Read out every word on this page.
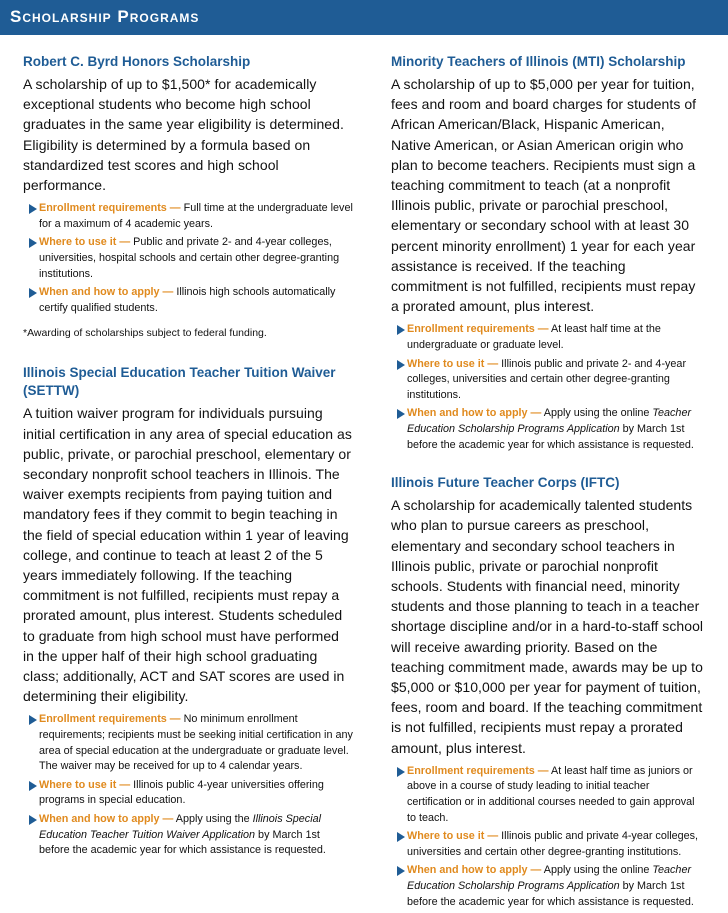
Scholarship Programs
Robert C. Byrd Honors Scholarship

A scholarship of up to $1,500* for academically exceptional students who become high school graduates in the same year eligibility is determined. Eligibility is determined by a formula based on standardized test scores and high school performance.

Enrollment requirements — Full time at the undergraduate level for a maximum of 4 academic years.
Where to use it — Public and private 2- and 4-year colleges, universities, hospital schools and certain other degree-granting institutions.
When and how to apply — Illinois high schools automatically certify qualified students.

*Awarding of scholarships subject to federal funding.

Illinois Special Education Teacher Tuition Waiver (SETTW)

A tuition waiver program for individuals pursuing initial certification in any area of special education as public, private, or parochial preschool, elementary or secondary nonprofit school teachers in Illinois. The waiver exempts recipients from paying tuition and mandatory fees if they commit to begin teaching in the field of special education within 1 year of leaving college, and continue to teach at least 2 of the 5 years immediately following. If the teaching commitment is not fulfilled, recipients must repay a prorated amount, plus interest. Students scheduled to graduate from high school must have performed in the upper half of their high school graduating class; additionally, ACT and SAT scores are used in determining their eligibility.

Enrollment requirements — No minimum enrollment requirements; recipients must be seeking initial certification in any area of special education at the undergraduate or graduate level. The waiver may be received for up to 4 calendar years.
Where to use it — Illinois public 4-year universities offering programs in special education.
When and how to apply — Apply using the Illinois Special Education Teacher Tuition Waiver Application by March 1st before the academic year for which assistance is requested.
Minority Teachers of Illinois (MTI) Scholarship

A scholarship of up to $5,000 per year for tuition, fees and room and board charges for students of African American/Black, Hispanic American, Native American, or Asian American origin who plan to become teachers. Recipients must sign a teaching commitment to teach (at a nonprofit Illinois public, private or parochial preschool, elementary or secondary school with at least 30 percent minority enrollment) 1 year for each year assistance is received. If the teaching commitment is not fulfilled, recipients must repay a prorated amount, plus interest.

Enrollment requirements — At least half time at the undergraduate or graduate level.
Where to use it — Illinois public and private 2- and 4-year colleges, universities and certain other degree-granting institutions.
When and how to apply — Apply using the online Teacher Education Scholarship Programs Application by March 1st before the academic year for which assistance is requested.
Illinois Future Teacher Corps (IFTC)

A scholarship for academically talented students who plan to pursue careers as preschool, elementary and secondary school teachers in Illinois public, private or parochial nonprofit schools. Students with financial need, minority students and those planning to teach in a teacher shortage discipline and/or in a hard-to-staff school will receive awarding priority. Based on the teaching commitment made, awards may be up to $5,000 or $10,000 per year for payment of tuition, fees, room and board. If the teaching commitment is not fulfilled, recipients must repay a prorated amount, plus interest.

Enrollment requirements — At least half time as juniors or above in a course of study leading to initial teacher certification or in additional courses needed to gain approval to teach.
Where to use it — Illinois public and private 4-year colleges, universities and certain other degree-granting institutions.
When and how to apply — Apply using the online Teacher Education Scholarship Programs Application by March 1st before the academic year for which assistance is requested.
